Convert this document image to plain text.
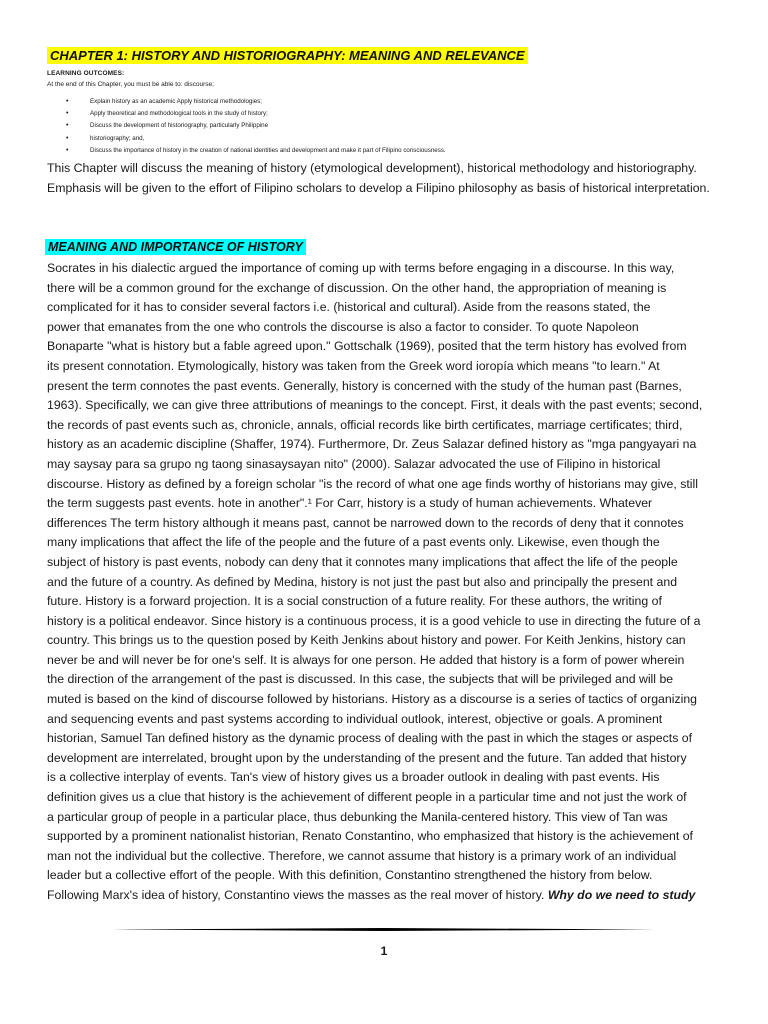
CHAPTER 1: HISTORY AND HISTORIOGRAPHY: MEANING AND RELEVANCE
LEARNING OUTCOMES:
At the end of this Chapter, you must be able to: discourse;
•	Explain history as an academic Apply historical methodologies;
•	Apply theoretical and methodological tools in the study of history;
•	Discuss the development of historiography, particularly Philippine
•	historiography; and,
•	Discuss the importance of history in the creation of national identities and development and make it part of Filipino consciousness.

This Chapter will discuss the meaning of history (etymological development), historical methodology and historiography. Emphasis will be given to the effort of Filipino scholars to develop a Filipino philosophy as basis of historical interpretation.

MEANING AND IMPORTANCE OF HISTORY

Socrates in his dialectic argued the importance of coming up with terms before engaging in a discourse. In this way,
there will be a common ground for the exchange of discussion. On the other hand, the appropriation of meaning is
complicated for it has to consider several factors i.e. (historical and cultural). Aside from the reasons stated, the
power that emanates from the one who controls the discourse is also a factor to consider. To quote Napoleon
Bonaparte "what is history but a fable agreed upon." Gottschalk (1969), posited that the term history has evolved from
its present connotation. Etymologically, history was taken from the Greek word ioropía which means "to learn." At
present the term connotes the past events. Generally, history is concerned with the study of the human past (Barnes,
1963). Specifically, we can give three attributions of meanings to the concept. First, it deals with the past events; second,
the records of past events such as, chronicle, annals, official records like birth certificates, marriage certificates; third,
history as an academic discipline (Shaffer, 1974). Furthermore, Dr. Zeus Salazar defined history as "mga pangyayari na
may saysay para sa grupo ng taong sinasaysayan nito" (2000). Salazar advocated the use of Filipino in historical
discourse. History as defined by a foreign scholar "is the record of what one age finds worthy of historians may give, still
the term suggests past events. hote in another".¹ For Carr, history is a study of human achievements. Whatever
differences The term history although it means past, cannot be narrowed down to the records of deny that it connotes
many implications that affect the life of the people and the future of a past events only. Likewise, even though the
subject of history is past events, nobody can deny that it connotes many implications that affect the life of the people
and the future of a country. As defined by Medina, history is not just the past but also and principally the present and
future. History is a forward projection. It is a social construction of a future reality. For these authors, the writing of
history is a political endeavor. Since history is a continuous process, it is a good vehicle to use in directing the future of a
country. This brings us to the question posed by Keith Jenkins about history and power. For Keith Jenkins, history can
never be and will never be for one's self. It is always for one person. He added that history is a form of power wherein
the direction of the arrangement of the past is discussed. In this case, the subjects that will be privileged and will be
muted is based on the kind of discourse followed by historians. History as a discourse is a series of tactics of organizing
and sequencing events and past systems according to individual outlook, interest, objective or goals. A prominent
historian, Samuel Tan defined history as the dynamic process of dealing with the past in which the stages or aspects of
development are interrelated, brought upon by the understanding of the present and the future. Tan added that history
is a collective interplay of events. Tan's view of history gives us a broader outlook in dealing with past events. His
definition gives us a clue that history is the achievement of different people in a particular time and not just the work of
a particular group of people in a particular place, thus debunking the Manila-centered history. This view of Tan was
supported by a prominent nationalist historian, Renato Constantino, who emphasized that history is the achievement of
man not the individual but the collective. Therefore, we cannot assume that history is a primary work of an individual
leader but a collective effort of the people. With this definition, Constantino strengthened the history from below.
Following Marx's idea of history, Constantino views the masses as the real mover of history. Why do we need to study

1
